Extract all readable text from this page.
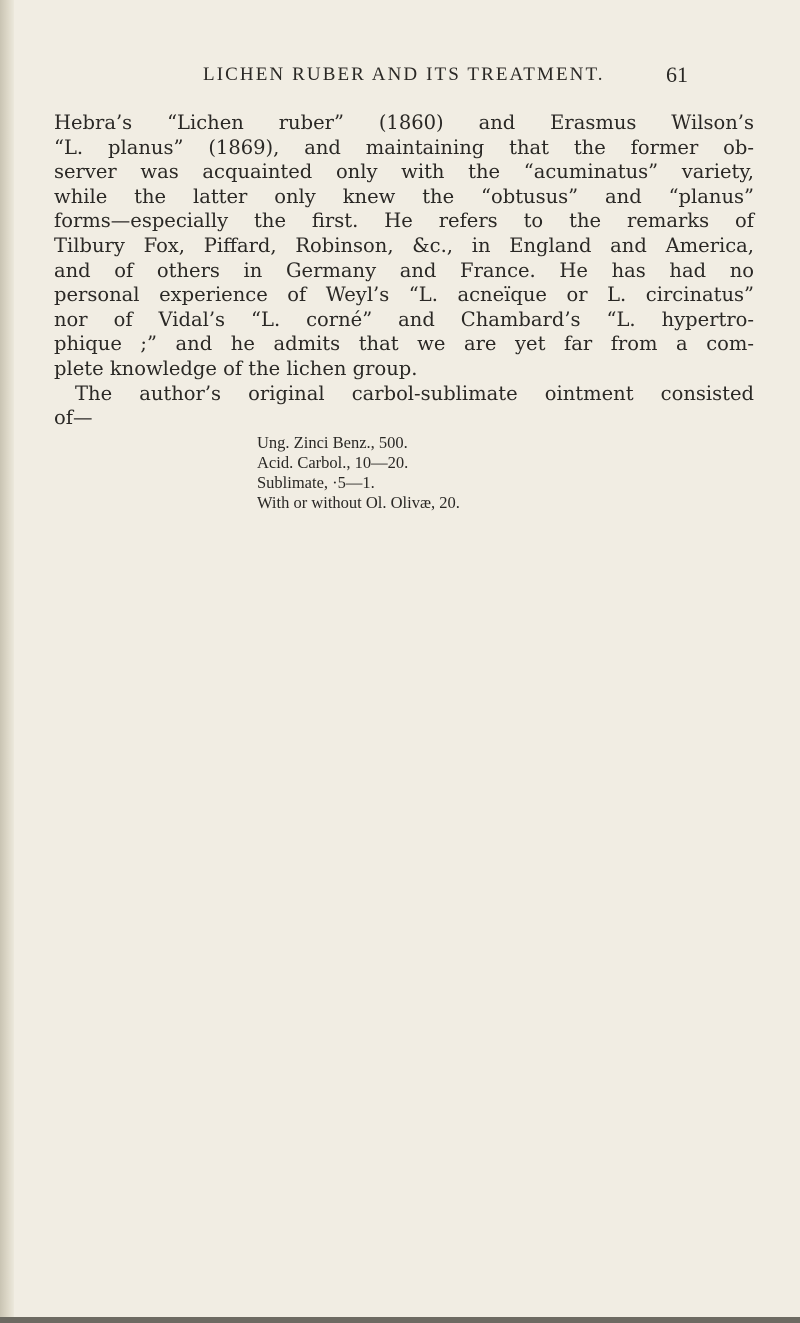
LICHEN RUBER AND ITS TREATMENT.	61
Hebra’s “Lichen ruber” (1860) and Erasmus Wilson’s
“L. planus” (1869), and maintaining that the former ob-
server was acquainted only with the “acuminatus” variety,
while the latter only knew the “obtusus” and “planus”
forms—especially the first. He refers to the remarks of
Tilbury Fox, Piffard, Robinson, &c., in England and America,
and of others in Germany and France. He has had no
personal experience of Weyl’s “L. acneïque or L. circinatus”
nor of Vidal’s “L. corné” and Chambard’s “L. hypertro-
phique ;” and he admits that we are yet far from a com-
plete knowledge of the lichen group.
The author’s original carbol-sublimate ointment consisted
of—
Ung. Zinci Benz., 500.
Acid. Carbol., 10—20.
Sublimate, ·5—1.
With or without Ol. Olivæ, 20.
